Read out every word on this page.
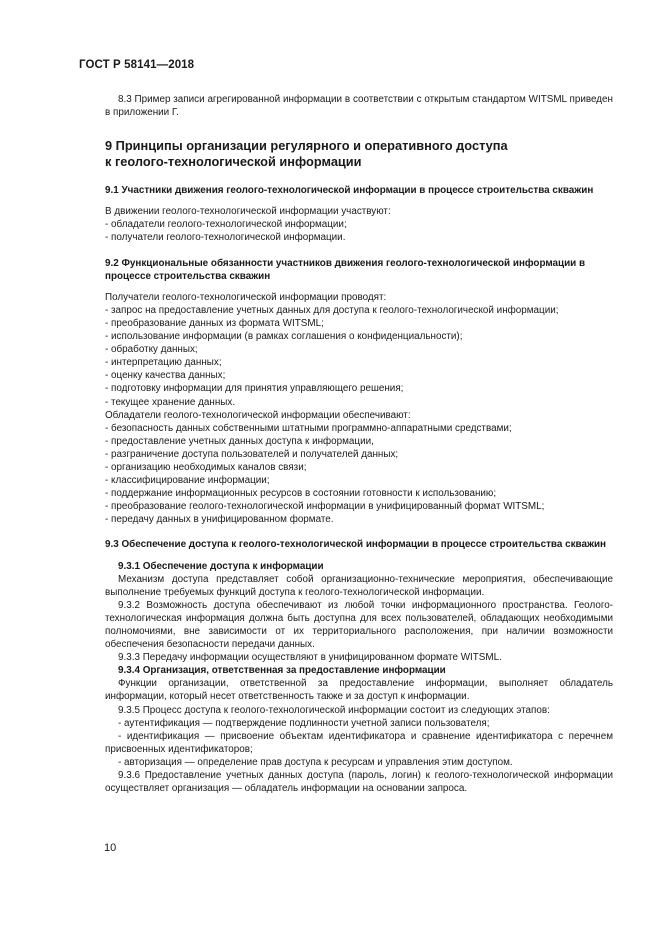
ГОСТ Р 58141—2018

8.3 Пример записи агрегированной информации в соответствии с открытым стандартом WITSML приведен в приложении Г.

9 Принципы организации регулярного и оперативного доступа
к геолого-технологической информации
9.1 Участники движения геолого-технологической информации в процессе строительства скважин

В движении геолого-технологической информации участвуют:

- обладатели геолого-технологической информации;

- получатели геолого-технологической информации.

9.2 Функциональные обязанности участников движения геолого-технологической информации в процессе строительства скважин

Получатели геолого-технологической информации проводят:

- запрос на предоставление учетных данных для доступа к геолого-технологической информации;

- преобразование данных из формата WITSML;

- использование информации (в рамках соглашения о конфиденциальности);

- обработку данных;

- интерпретацию данных;

- оценку качества данных;

- подготовку информации для принятия управляющего решения;

- текущее хранение данных.

Обладатели геолого-технологической информации обеспечивают:

- безопасность данных собственными штатными программно-аппаратными средствами;

- предоставление учетных данных доступа к информации,

- разграничение доступа пользователей и получателей данных;

- организацию необходимых каналов связи;

- классифицирование информации;

- поддержание информационных ресурсов в состоянии готовности к использованию;

- преобразование геолого-технологической информации в унифицированный формат WITSML;

- передачу данных в унифицированном формате.

9.3 Обеспечение доступа к геолого-технологической информации в процессе строительства скважин

9.3.1 Обеспечение доступа к информации

Механизм доступа представляет собой организационно-технические мероприятия, обеспечивающие выполнение требуемых функций доступа к геолого-технологической информации.

9.3.2 Возможность доступа обеспечивают из любой точки информационного пространства. Геолого-технологическая информация должна быть доступна для всех пользователей, обладающих необходимыми полномочиями, вне зависимости от их территориального расположения, при наличии возможности обеспечения безопасности передачи данных.

9.3.3 Передачу информации осуществляют в унифицированном формате WITSML.

9.3.4 Организация, ответственная за предоставление информации

Функции организации, ответственной за предоставление информации, выполняет обладатель информации, который несет ответственность также и за доступ к информации.

9.3.5 Процесс доступа к геолого-технологической информации состоит из следующих этапов:

- аутентификация — подтверждение подлинности учетной записи пользователя;

- идентификация — присвоение объектам идентификатора и сравнение идентификатора с перечнем присвоенных идентификаторов;

- авторизация — определение прав доступа к ресурсам и управления этим доступом.

9.3.6 Предоставление учетных данных доступа (пароль, логин) к геолого-технологической информации осуществляет организация — обладатель информации на основании запроса.

10
